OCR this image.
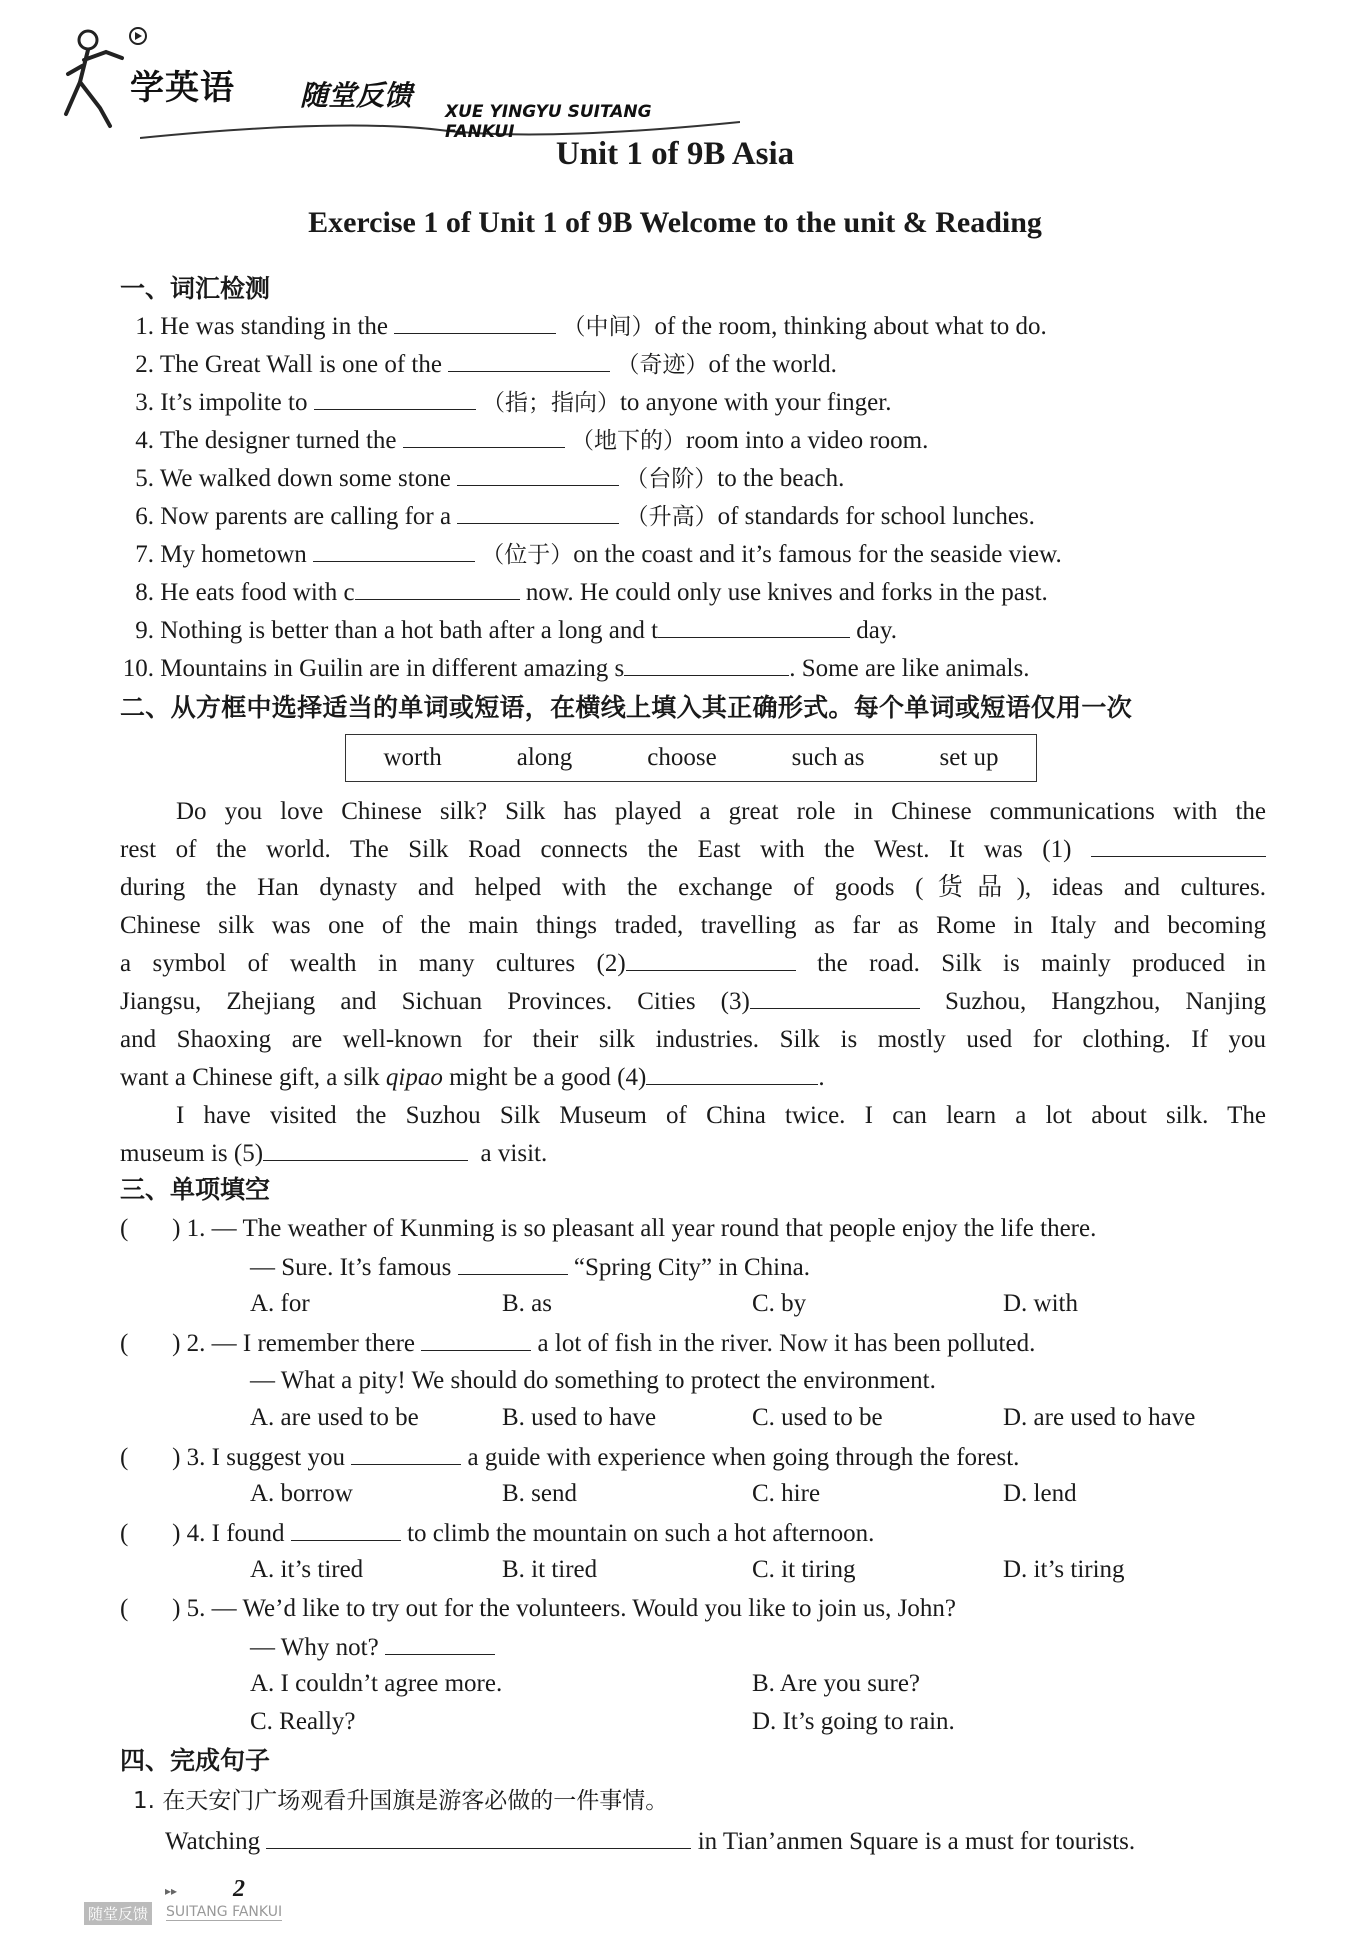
学英语 随堂反馈 XUE YINGYU SUITANG FANKUI
Unit 1 of 9B Asia
Exercise 1 of Unit 1 of 9B Welcome to the unit & Reading
一、词汇检测
1. He was standing in the	（中间）of the room, thinking about what to do.
2. The Great Wall is one of the	（奇迹）of the world.
3. It’s impolite to	（指；指向）to anyone with your finger.
4. The designer turned the	（地下的）room into a video room.
5. We walked down some stone	（台阶）to the beach.
6. Now parents are calling for a	（升高）of standards for school lunches.
7. My hometown	（位于）on the coast and it’s famous for the seaside view.
8. He eats food with c	now. He could only use knives and forks in the past.
9. Nothing is better than a hot bath after a long and t	day.
10. Mountains in Guilin are in different amazing s	. Some are like animals.
二、从方框中选择适当的单词或短语，在横线上填入其正确形式。每个单词或短语仅用一次
worth	along	choose	such as	set up
Do you love Chinese silk? Silk has played a great role in Chinese communications with the
rest of the world. The Silk Road connects the East with the West. It was (1)
during the Han dynasty and helped with the exchange of goods (货品), ideas and cultures.
Chinese silk was one of the main things traded, travelling as far as Rome in Italy and becoming
a symbol of wealth in many cultures (2)	the road. Silk is mainly produced in
Jiangsu, Zhejiang and Sichuan Provinces. Cities (3)	Suzhou, Hangzhou, Nanjing
and Shaoxing are well-known for their silk industries. Silk is mostly used for clothing. If you
want a Chinese gift, a silk qipao might be a good (4)	.
I have visited the Suzhou Silk Museum of China twice. I can learn a lot about silk. The
museum is (5)	a visit.
三、单项填空
(       ) 1. — The weather of Kunming is so pleasant all year round that people enjoy the life there.
— Sure. It’s famous	“Spring City” in China.
A. for	B. as	C. by	D. with
(       ) 2. — I remember there	a lot of fish in the river. Now it has been polluted.
— What a pity! We should do something to protect the environment.
A. are used to be	B. used to have	C. used to be	D. are used to have
(       ) 3. I suggest you	a guide with experience when going through the forest.
A. borrow	B. send	C. hire	D. lend
(       ) 4. I found	to climb the mountain on such a hot afternoon.
A. it’s tired	B. it tired	C. it tiring	D. it’s tiring
(       ) 5. — We’d like to try out for the volunteers. Would you like to join us, John?
— Why not?
A. I couldn’t agree more.	B. Are you sure?
C. Really?	D. It’s going to rain.
四、完成句子
1. 在天安门广场观看升国旗是游客必做的一件事情。
Watching	in Tian’anmen Square is a must for tourists.
▸▸ 2
随堂反馈 SUITANG FANKUI
